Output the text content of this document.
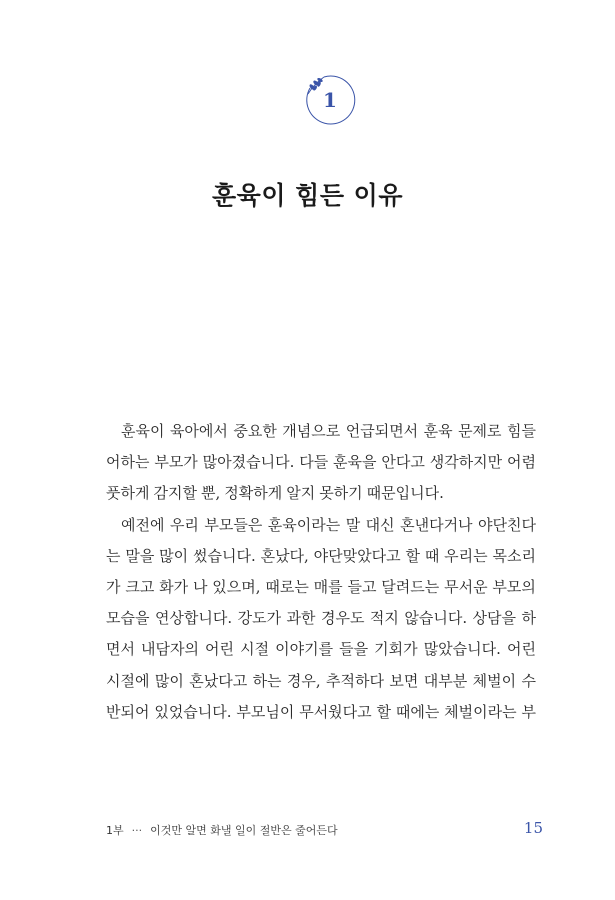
1
훈육이 힘든 이유
훈육이 육아에서 중요한 개념으로 언급되면서 훈육 문제로 힘들
어하는 부모가 많아졌습니다. 다들 훈육을 안다고 생각하지만 어렴
풋하게 감지할 뿐, 정확하게 알지 못하기 때문입니다.
예전에 우리 부모들은 훈육이라는 말 대신 혼낸다거나 야단친다
는 말을 많이 썼습니다. 혼났다, 야단맞았다고 할 때 우리는 목소리
가 크고 화가 나 있으며, 때로는 매를 들고 달려드는 무서운 부모의
모습을 연상합니다. 강도가 과한 경우도 적지 않습니다. 상담을 하
면서 내담자의 어린 시절 이야기를 들을 기회가 많았습니다. 어린
시절에 많이 혼났다고 하는 경우, 추적하다 보면 대부분 체벌이 수
반되어 있었습니다. 부모님이 무서웠다고 할 때에는 체벌이라는 부
1부 ··· 이것만 알면 화낼 일이 절반은 줄어든다	15
